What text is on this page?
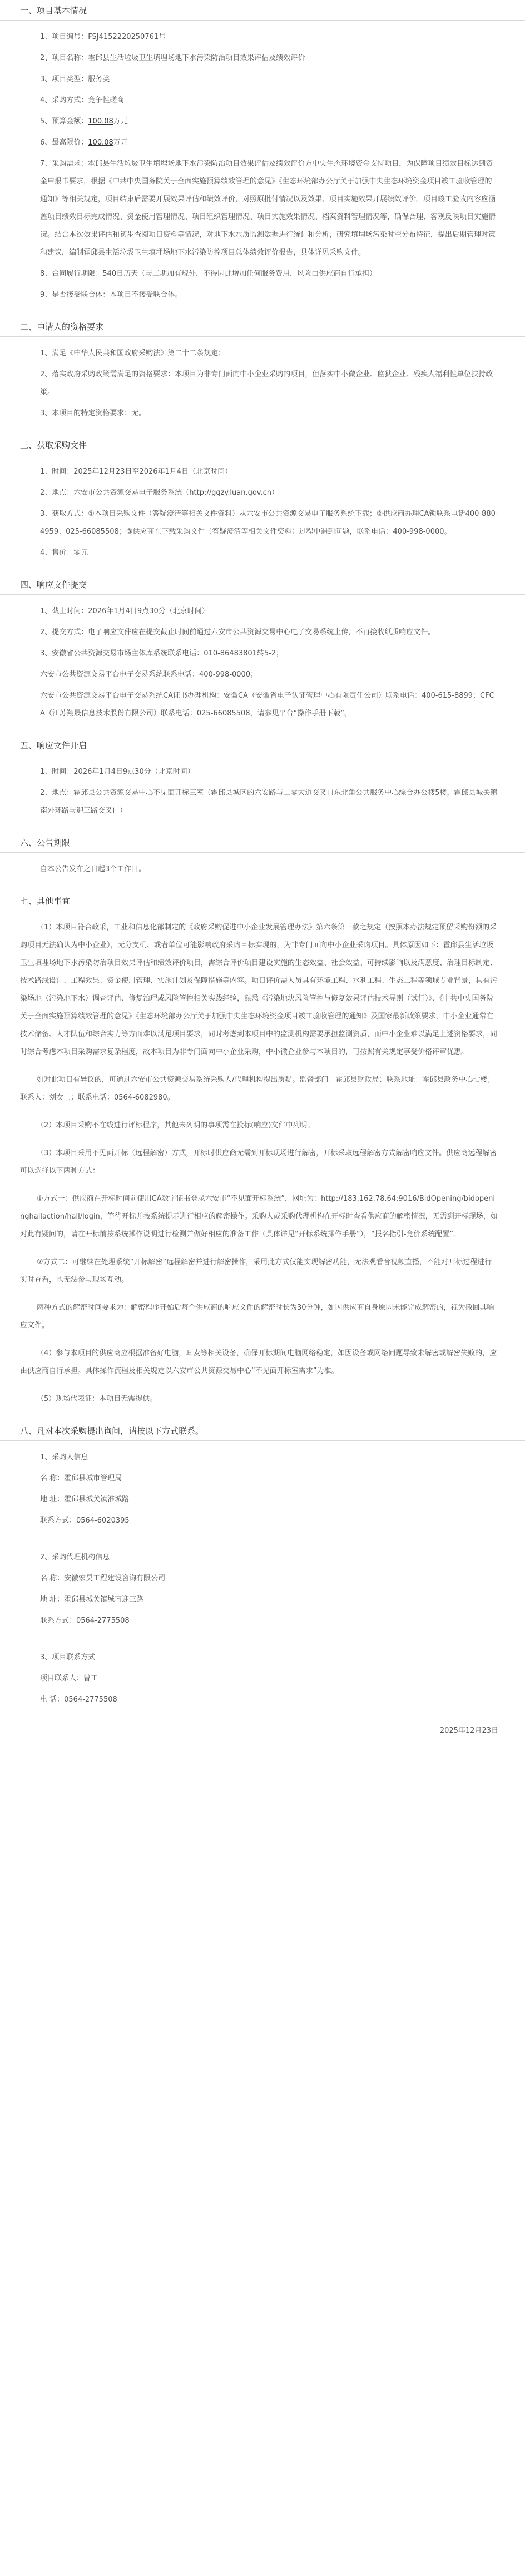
一、项目基本情况
1、项目编号：FSJ4152220250761号
2、项目名称：霍邱县生活垃圾卫生填埋场地下水污染防治项目效果评估及绩效评价
3、项目类型：服务类
4、采购方式：竞争性磋商
5、预算金额：100.08万元
6、最高限价：100.08万元
7、采购需求：霍邱县生活垃圾卫生填埋场地下水污染防治项目效果评估及绩效评价方中央生态环境资金支持项目，为保障项目绩效目标达到资金申报书要求，根据《中共中央国务院关于全面实施预算绩效管理的意见》《生态环境部办公厅关于加强中央生态环境资金项目竣工验收管理的通知》等相关规定，项目结束后需要开展效果评估和绩效评价，对照原批付情况以及效果、项目实施效果开展绩效评价。项目竣工验收内容应涵盖项目绩效目标完成情况、资金使用管理情况、项目组织管理情况、项目实施效果情况、档案资料管理情况等，确保合理、客观反映项目实施情况。结合本次效果评估和初步查阅项目资料等情况，对地下水水质监测数据进行统计和分析，研究填埋场污染时空分布特征，提出后期管理对策和建议，编制霍邱县生活垃圾卫生填埋场地下水污染防控项目总体绩效评价报告，具体详见采购文件。
8、合同履行期限：540日历天（与工期加有规外，不得因此增加任何服务费用，风险由供应商自行承担）
9、是否接受联合体：本项目不接受联合体。
二、申请人的资格要求
1、满足《中华人民共和国政府采购法》第二十二条规定；
2、落实政府采购政策需满足的资格要求：本项目为非专门面向中小企业采购的项目，但落实中小微企业、监狱企业、残疾人福利性单位扶持政策。
3、本项目的特定资格要求：无。
三、获取采购文件
1、时间：2025年12月23日至2026年1月4日（北京时间）
2、地点：六安市公共资源交易电子服务系统（http://ggzy.luan.gov.cn）
3、获取方式：①本项目采购文件（答疑澄清等相关文件资料）从六安市公共资源交易电子服务系统下载；②供应商办理CA锁联系电话400-880-4959、025-66085508；③供应商在下载采购文件（答疑澄清等相关文件资料）过程中遇到问题，联系电话：400-998-0000。
4、售价：零元
四、响应文件提交
1、截止时间：2026年1月4日9点30分（北京时间）
2、提交方式：电子响应文件应在提交截止时间前通过六安市公共资源交易中心电子交易系统上传，不再接收纸质响应文件。
3、安徽省公共资源交易市场主体库系统联系电话：010-86483801转5-2；
六安市公共资源交易平台电子交易系统联系电话：400-998-0000；
六安市公共资源交易平台电子交易系统CA证书办理机构：安徽CA（安徽省电子认证管理中心有限责任公司）联系电话：400-615-8899；CFCA（江苏翔晟信息技术股份有限公司）联系电话：025-66085508，请参见平台“操作手册下载”。
五、响应文件开启
1、时间：2026年1月4日9点30分（北京时间）
2、地点：霍邱县公共资源交易中心不见面开标三室（霍邱县城区的六安路与二零大道交叉口东北角公共服务中心综合办公楼5楼，霍邱县城关镇南外环路与迎三路交叉口）
六、公告期限
自本公告发布之日起3个工作日。
七、其他事宜
（1）本项目符合政采，工业和信息化部制定的《政府采购促进中小企业发展管理办法》第六条第三款之规定（按照本办法规定预留采购份额的采购项目无法确认为中小企业），无分支机、或者单位可能影响政府采购目标实现的，为非专门面向中小企业采购项目。具体原因如下：霍邱县生活垃圾卫生填埋场地下水污染防治项目效果评估和绩效评价项目，需综合评价项目建设实施的生态效益、社会效益、可持续影响以及满意度、治理目标制定、技术路线设计、工程效果、资金使用管理、实施计划及保障措施等内容。项目评价需人员具有环境工程、水利工程、生态工程等领域专业背景，具有污染场地（污染地下水）调查评估、修复治理或风险管控相关实践经验，熟悉《污染地块风险管控与修复效果评估技术导则（试行）》、《中共中央国务院关于全面实施预算绩效管理的意见》《生态环境部办公厅关于加强中央生态环境资金项目竣工验收管理的通知》及国家最新政策要求，中小企业通常在技术储备、人才队伍和综合实力等方面难以满足项目要求，同时考虑到本项目中的监测机构需要承担监测资质，而中小企业难以满足上述资格要求，同时综合考虑本项目采购需求复杂程度，故本项目为非专门面向中小企业采购，中小微企业参与本项目的，可按照有关规定享受价格评审优惠。
如对此项目有异议的，可通过六安市公共资源交易系统采购人/代理机构提出质疑。监督部门：霍邱县财政局；联系地址：霍邱县政务中心七楼；联系人：刘女士；联系电话：0564-6082980。
（2）本项目采购不在线进行评标程序，其他未列明的事项需在投标(响应)文件中列明。
（3）本项目采用不见面开标（远程解密）方式，开标时供应商无需到开标现场进行解密，开标采取远程解密方式解密响应文件。供应商远程解密可以选择以下两种方式：
①方式一：供应商在开标时间前使用CA数字证书登录六安市“不见面开标系统”，网址为：http://183.162.78.64:9016/BidOpening/bidopeninghallaction/hall/login，等待开标并按系统提示进行相应的解密操作。采购人或采购代理机构在开标时查看供应商的解密情况，无需到开标现场，如对此有疑问的，请在开标前按系统操作说明进行检测并做好相应的准备工作（具体详见“开标系统操作手册”），“报名指引-竞价系统配置”。
②方式二：可继续在处理系统“开标解密”远程解密并进行解密操作，采用此方式仅能实现解密功能，无法观看音视频直播，不能对开标过程进行实时查看，也无法参与现场互动。
两种方式的解密时间要求为：解密程序开始后每个供应商的响应文件的解密时长为30分钟，如因供应商自身原因未能完成解密的，视为撤回其响应文件。
（4）参与本项目的供应商应根据准备好电脑，耳麦等相关设备，确保开标期间电脑网络稳定，如因设备或网络问题导致未解密或解密失败的，应由供应商自行承担。具体操作流程及相关规定以六安市公共资源交易中心“不见面开标室需求”为准。
（5）现场代表证：本项目无需提供。
八、凡对本次采购提出询问，请按以下方式联系。
1、采购人信息
名 称：霍邱县城市管理局
地 址：霍邱县城关镇淮城路
联系方式：0564-6020395
2、采购代理机构信息
名 称：安徽宏昊工程建设咨询有限公司
地 址：霍邱县城关镇城南迎三路
联系方式：0564-2775508
3、项目联系方式
项目联系人：曾工
电 话：0564-2775508
2025年12月23日
